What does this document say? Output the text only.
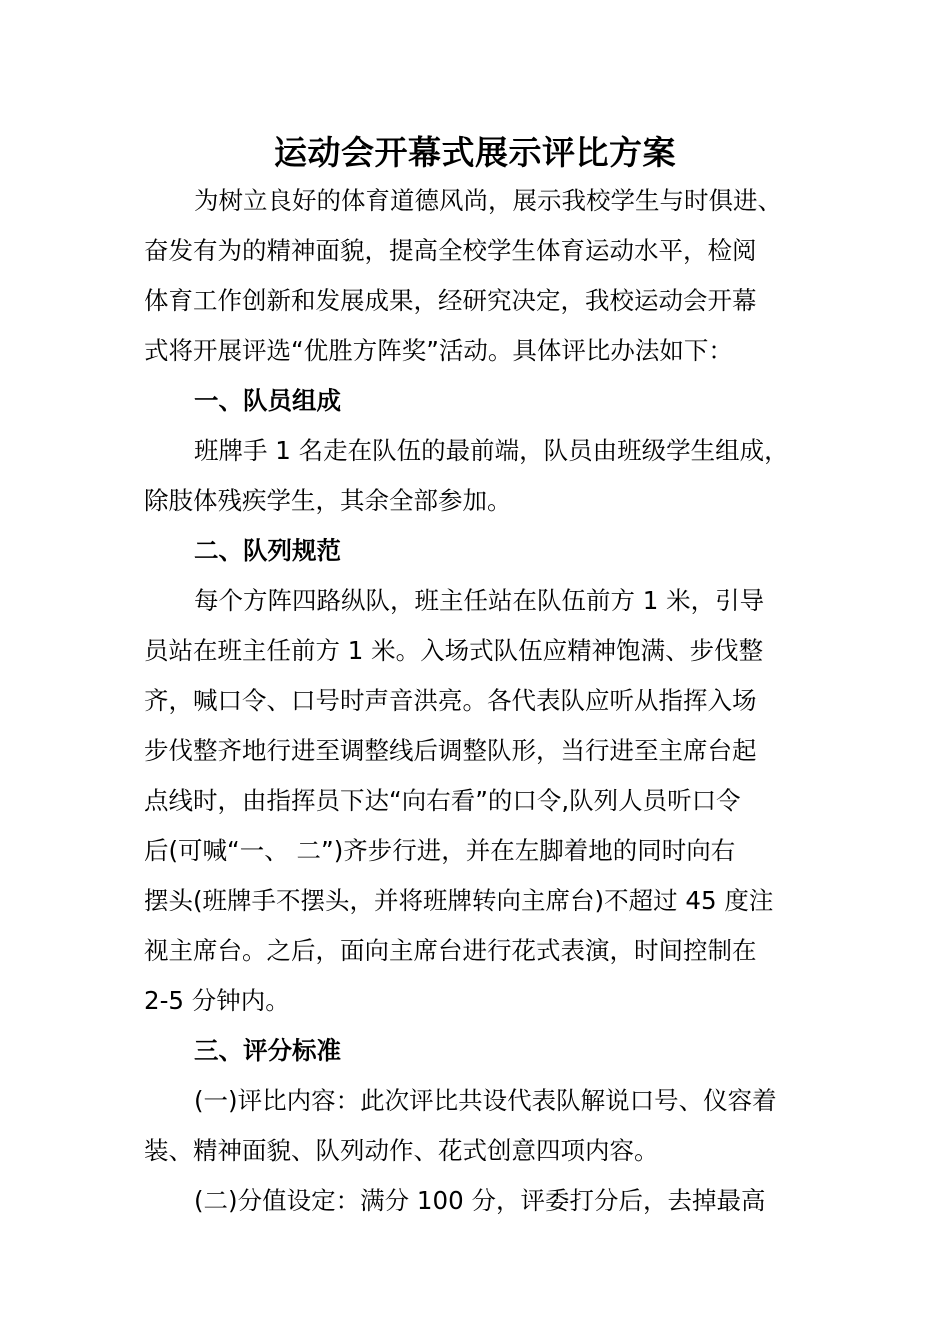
运动会开幕式展示评比方案
为树立良好的体育道德风尚，展示我校学生与时俱进、
奋发有为的精神面貌，提高全校学生体育运动水平，检阅
体育工作创新和发展成果，经研究决定，我校运动会开幕
式将开展评选“优胜方阵奖”活动。具体评比办法如下：
一、队员组成
班牌手 1 名走在队伍的最前端，队员由班级学生组成，
除肢体残疾学生，其余全部参加。
二、队列规范
每个方阵四路纵队，班主任站在队伍前方 1 米，引导
员站在班主任前方 1 米。入场式队伍应精神饱满、步伐整
齐，喊口令、口号时声音洪亮。各代表队应听从指挥入场
步伐整齐地行进至调整线后调整队形，当行进至主席台起
点线时，由指挥员下达“向右看”的口令,队列人员听口令
后(可喊“一、 二”)齐步行进，并在左脚着地的同时向右
摆头(班牌手不摆头，并将班牌转向主席台)不超过 45 度注
视主席台。之后，面向主席台进行花式表演，时间控制在
2-5 分钟内。
三、评分标准
(一)评比内容：此次评比共设代表队解说口号、仪容着
装、精神面貌、队列动作、花式创意四项内容。
(二)分值设定：满分 100 分，评委打分后，去掉最高
